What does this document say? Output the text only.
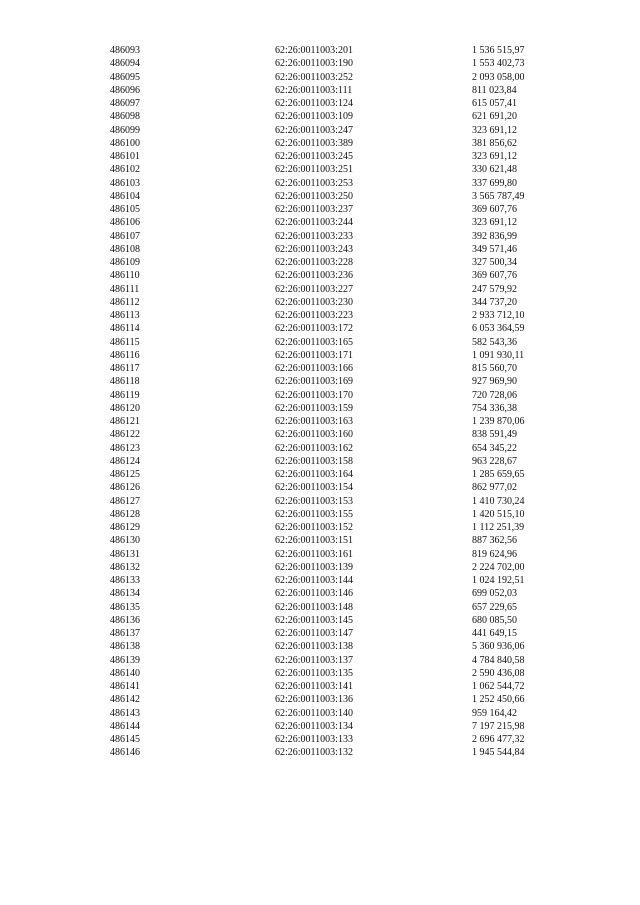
486093	62:26:0011003:201	1 536 515,97
486094	62:26:0011003:190	1 553 402,73
486095	62:26:0011003:252	2 093 058,00
486096	62:26:0011003:111	811 023,84
486097	62:26:0011003:124	615 057,41
486098	62:26:0011003:109	621 691,20
486099	62:26:0011003:247	323 691,12
486100	62:26:0011003:389	381 856,62
486101	62:26:0011003:245	323 691,12
486102	62:26:0011003:251	330 621,48
486103	62:26:0011003:253	337 699,80
486104	62:26:0011003:250	3 565 787,49
486105	62:26:0011003:237	369 607,76
486106	62:26:0011003:244	323 691,12
486107	62:26:0011003:233	392 836,99
486108	62:26:0011003:243	349 571,46
486109	62:26:0011003:228	327 500,34
486110	62:26:0011003:236	369 607,76
486111	62:26:0011003:227	247 579,92
486112	62:26:0011003:230	344 737,20
486113	62:26:0011003:223	2 933 712,10
486114	62:26:0011003:172	6 053 364,59
486115	62:26:0011003:165	582 543,36
486116	62:26:0011003:171	1 091 930,11
486117	62:26:0011003:166	815 560,70
486118	62:26:0011003:169	927 969,90
486119	62:26:0011003:170	720 728,06
486120	62:26:0011003:159	754 336,38
486121	62:26:0011003:163	1 239 870,06
486122	62:26:0011003:160	838 591,49
486123	62:26:0011003:162	654 345,22
486124	62:26:0011003:158	963 228,67
486125	62:26:0011003:164	1 285 659,65
486126	62:26:0011003:154	862 977,02
486127	62:26:0011003:153	1 410 730,24
486128	62:26:0011003:155	1 420 515,10
486129	62:26:0011003:152	1 112 251,39
486130	62:26:0011003:151	887 362,56
486131	62:26:0011003:161	819 624,96
486132	62:26:0011003:139	2 224 702,00
486133	62:26:0011003:144	1 024 192,51
486134	62:26:0011003:146	699 052,03
486135	62:26:0011003:148	657 229,65
486136	62:26:0011003:145	680 085,50
486137	62:26:0011003:147	441 649,15
486138	62:26:0011003:138	5 360 936,06
486139	62:26:0011003:137	4 784 840,58
486140	62:26:0011003:135	2 590 436,08
486141	62:26:0011003:141	1 062 544,72
486142	62:26:0011003:136	1 252 450,66
486143	62:26:0011003:140	959 164,42
486144	62:26:0011003:134	7 197 215,98
486145	62:26:0011003:133	2 696 477,32
486146	62:26:0011003:132	1 945 544,84
